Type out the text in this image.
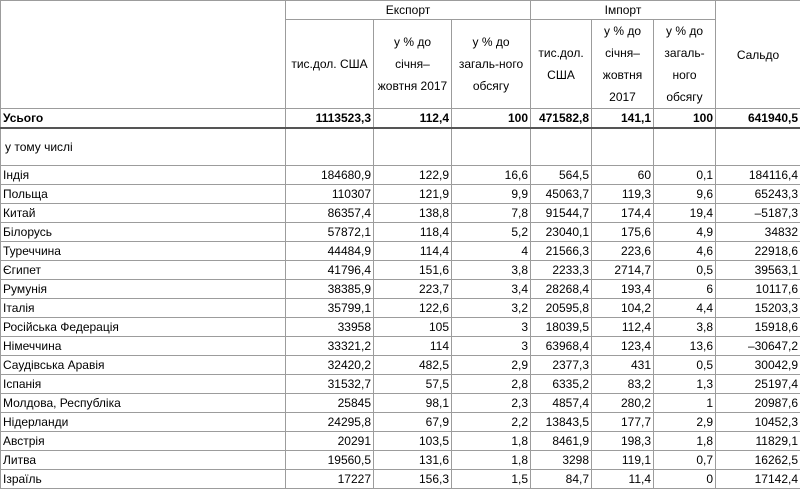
	Експорт			Імпорт			Сальдо
	тис.дол. США	у % до січня–жовтня 2017	у % до загаль-ного обсягу	тис.дол. США	у % до січня–жовтня 2017	у % до загаль-ного обсягу	
Усього	1113523,3	112,4	100	471582,8	141,1	100	641940,5
у тому числі							
Індія	184680,9	122,9	16,6	564,5	60	0,1	184116,4
Польща	110307	121,9	9,9	45063,7	119,3	9,6	65243,3
Китай	86357,4	138,8	7,8	91544,7	174,4	19,4	–5187,3
Білорусь	57872,1	118,4	5,2	23040,1	175,6	4,9	34832
Туреччина	44484,9	114,4	4	21566,3	223,6	4,6	22918,6
Єгипет	41796,4	151,6	3,8	2233,3	2714,7	0,5	39563,1
Румунія	38385,9	223,7	3,4	28268,4	193,4	6	10117,6
Італія	35799,1	122,6	3,2	20595,8	104,2	4,4	15203,3
Російська Федерація	33958	105	3	18039,5	112,4	3,8	15918,6
Німеччина	33321,2	114	3	63968,4	123,4	13,6	–30647,2
Саудівська Аравія	32420,2	482,5	2,9	2377,3	431	0,5	30042,9
Іспанія	31532,7	57,5	2,8	6335,2	83,2	1,3	25197,4
Молдова, Республіка	25845	98,1	2,3	4857,4	280,2	1	20987,6
Нідерланди	24295,8	67,9	2,2	13843,5	177,7	2,9	10452,3
Австрія	20291	103,5	1,8	8461,9	198,3	1,8	11829,1
Литва	19560,5	131,6	1,8	3298	119,1	0,7	16262,5
Ізраїль	17227	156,3	1,5	84,7	11,4	0	17142,4
